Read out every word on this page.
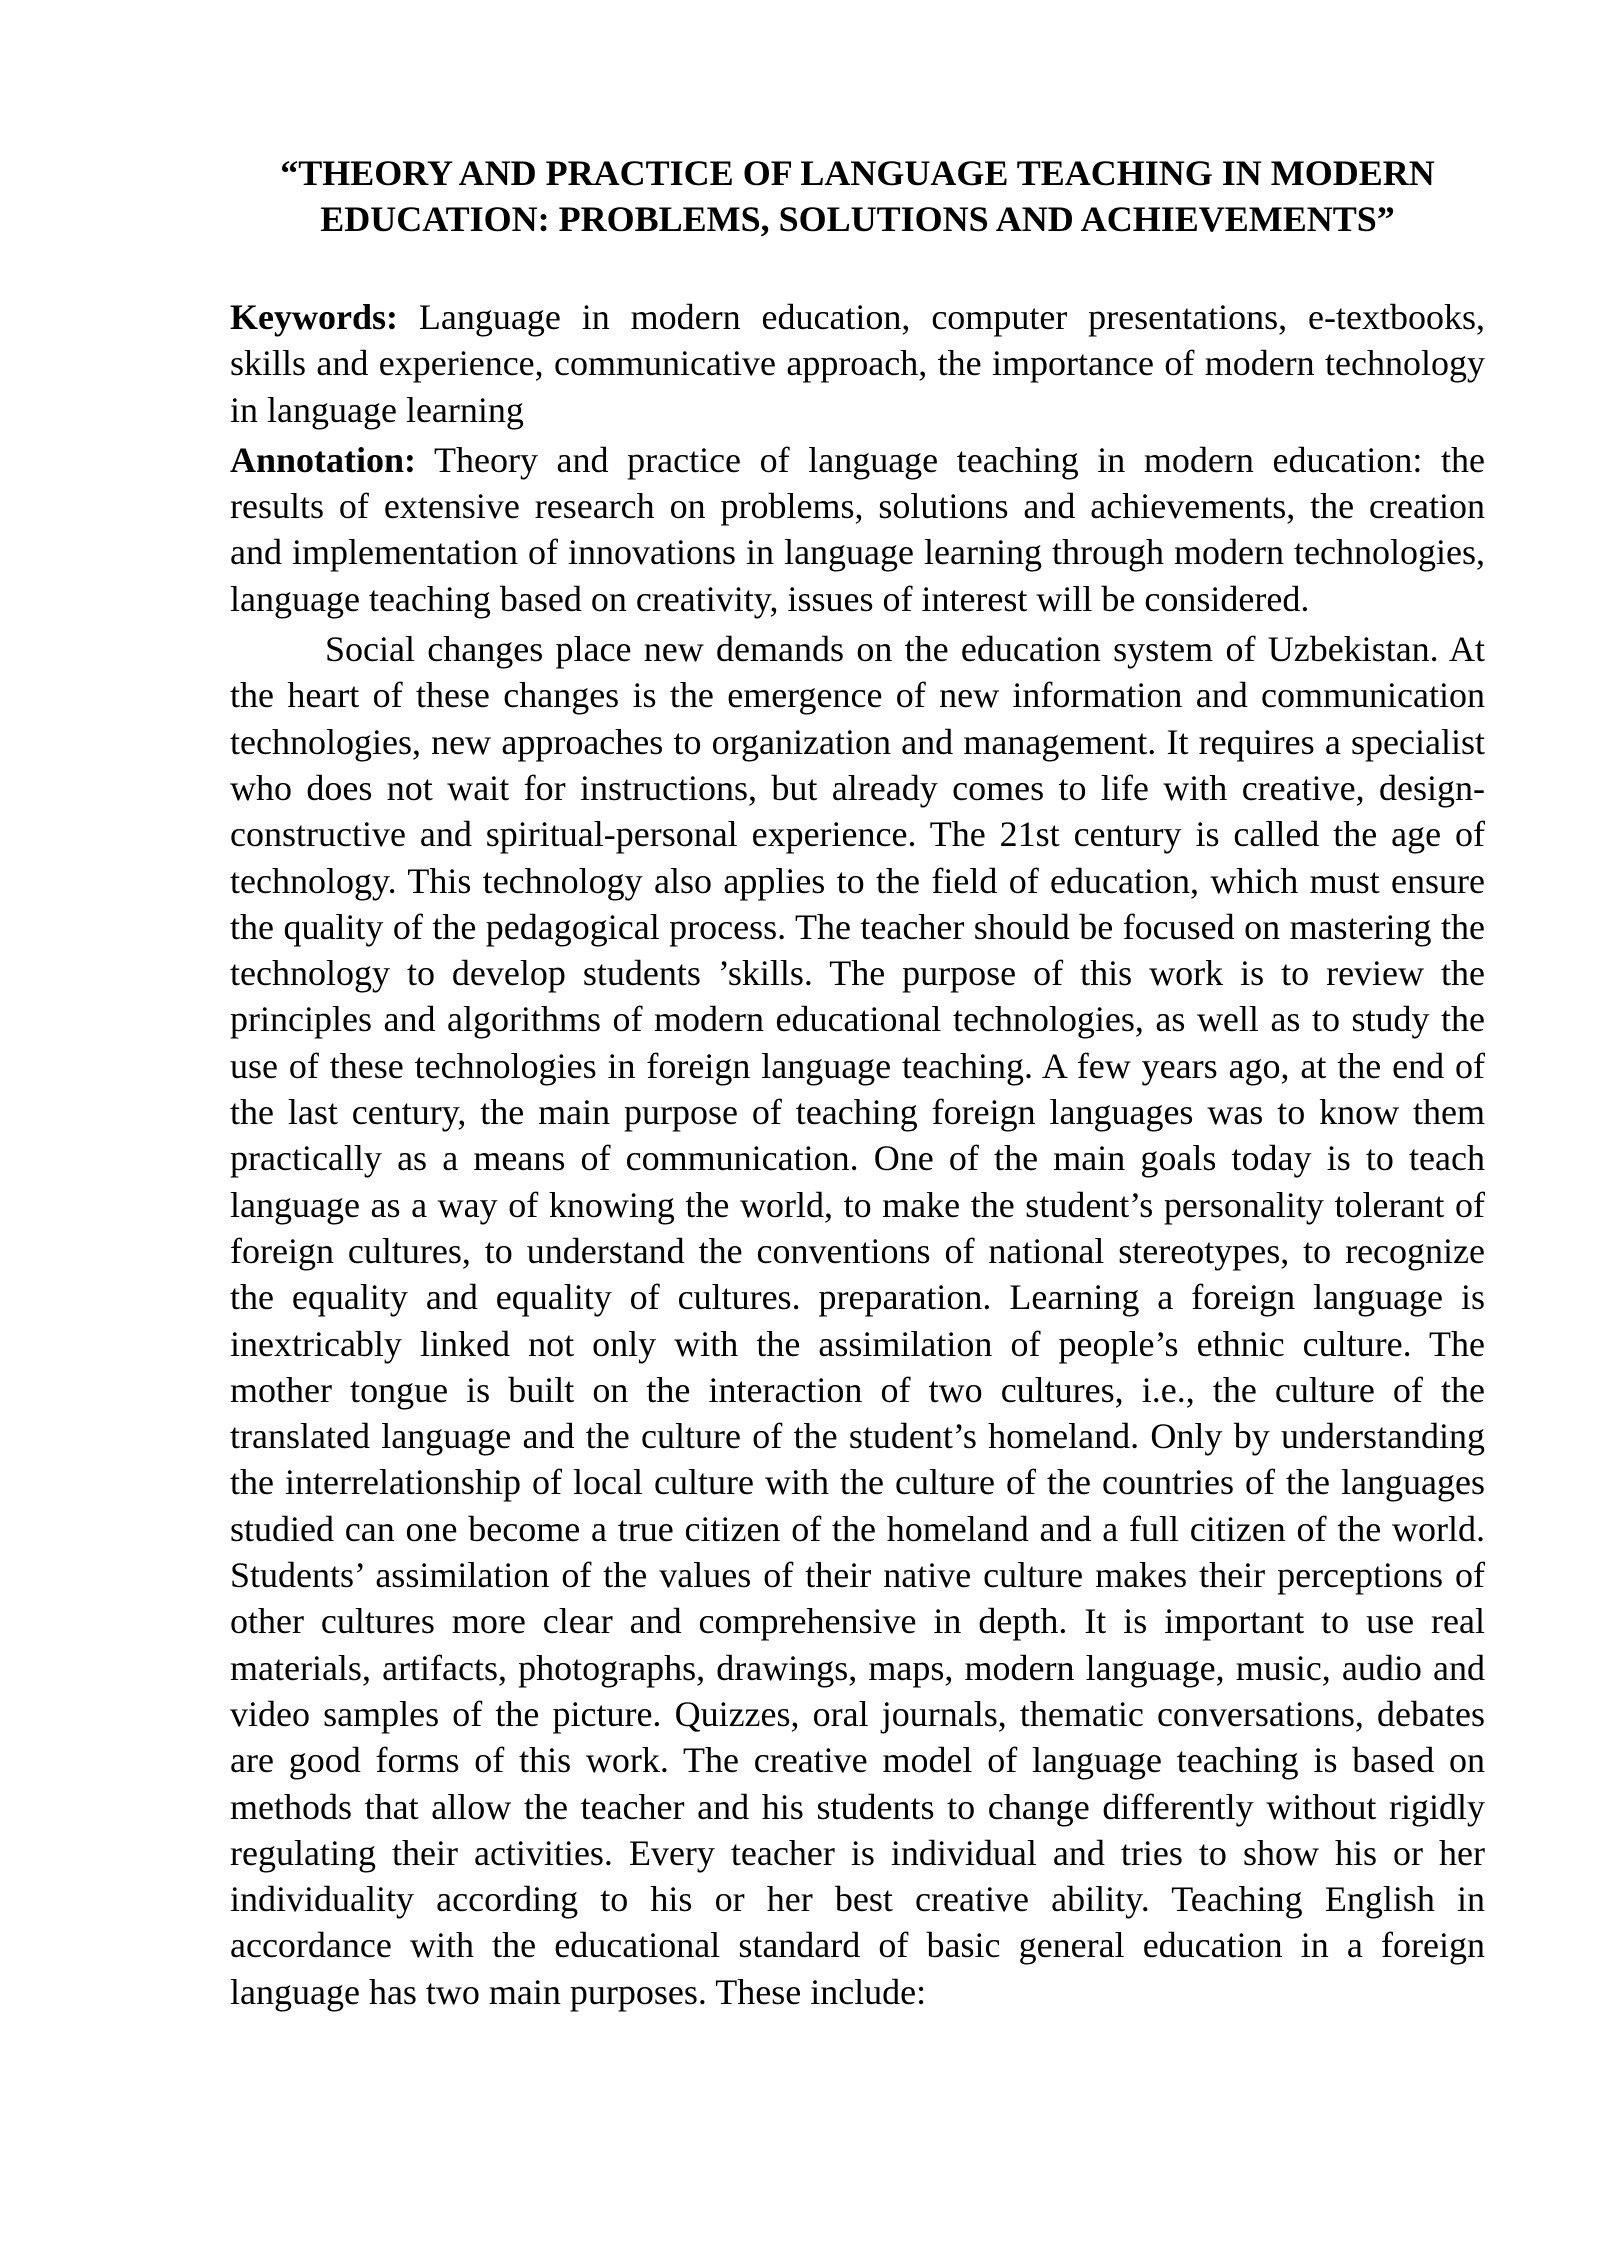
“THEORY AND PRACTICE OF LANGUAGE TEACHING IN MODERN
EDUCATION: PROBLEMS, SOLUTIONS AND ACHIEVEMENTS”

Keywords: Language in modern education, computer presentations, e-textbooks, skills and experience, communicative approach, the importance of modern technology in language learning

Annotation: Theory and practice of language teaching in modern education: the results of extensive research on problems, solutions and achievements, the creation and implementation of innovations in language learning through modern technologies, language teaching based on creativity, issues of interest will be considered.

Social changes place new demands on the education system of Uzbekistan. At the heart of these changes is the emergence of new information and communication technologies, new approaches to organization and management. It requires a specialist who does not wait for instructions, but already comes to life with creative, design-constructive and spiritual-personal experience. The 21st century is called the age of technology. This technology also applies to the field of education, which must ensure the quality of the pedagogical process. The teacher should be focused on mastering the technology to develop students ’skills. The purpose of this work is to review the principles and algorithms of modern educational technologies, as well as to study the use of these technologies in foreign language teaching. A few years ago, at the end of the last century, the main purpose of teaching foreign languages was to know them practically as a means of communication. One of the main goals today is to teach language as a way of knowing the world, to make the student’s personality tolerant of foreign cultures, to understand the conventions of national stereotypes, to recognize the equality and equality of cultures. preparation. Learning a foreign language is inextricably linked not only with the assimilation of people’s ethnic culture. The mother tongue is built on the interaction of two cultures, i.e., the culture of the translated language and the culture of the student’s homeland. Only by understanding the interrelationship of local culture with the culture of the countries of the languages studied can one become a true citizen of the homeland and a full citizen of the world. Students’ assimilation of the values of their native culture makes their perceptions of other cultures more clear and comprehensive in depth. It is important to use real materials, artifacts, photographs, drawings, maps, modern language, music, audio and video samples of the picture. Quizzes, oral journals, thematic conversations, debates are good forms of this work. The creative model of language teaching is based on methods that allow the teacher and his students to change differently without rigidly regulating their activities. Every teacher is individual and tries to show his or her individuality according to his or her best creative ability. Teaching English in accordance with the educational standard of basic general education in a foreign language has two main purposes. These include:
